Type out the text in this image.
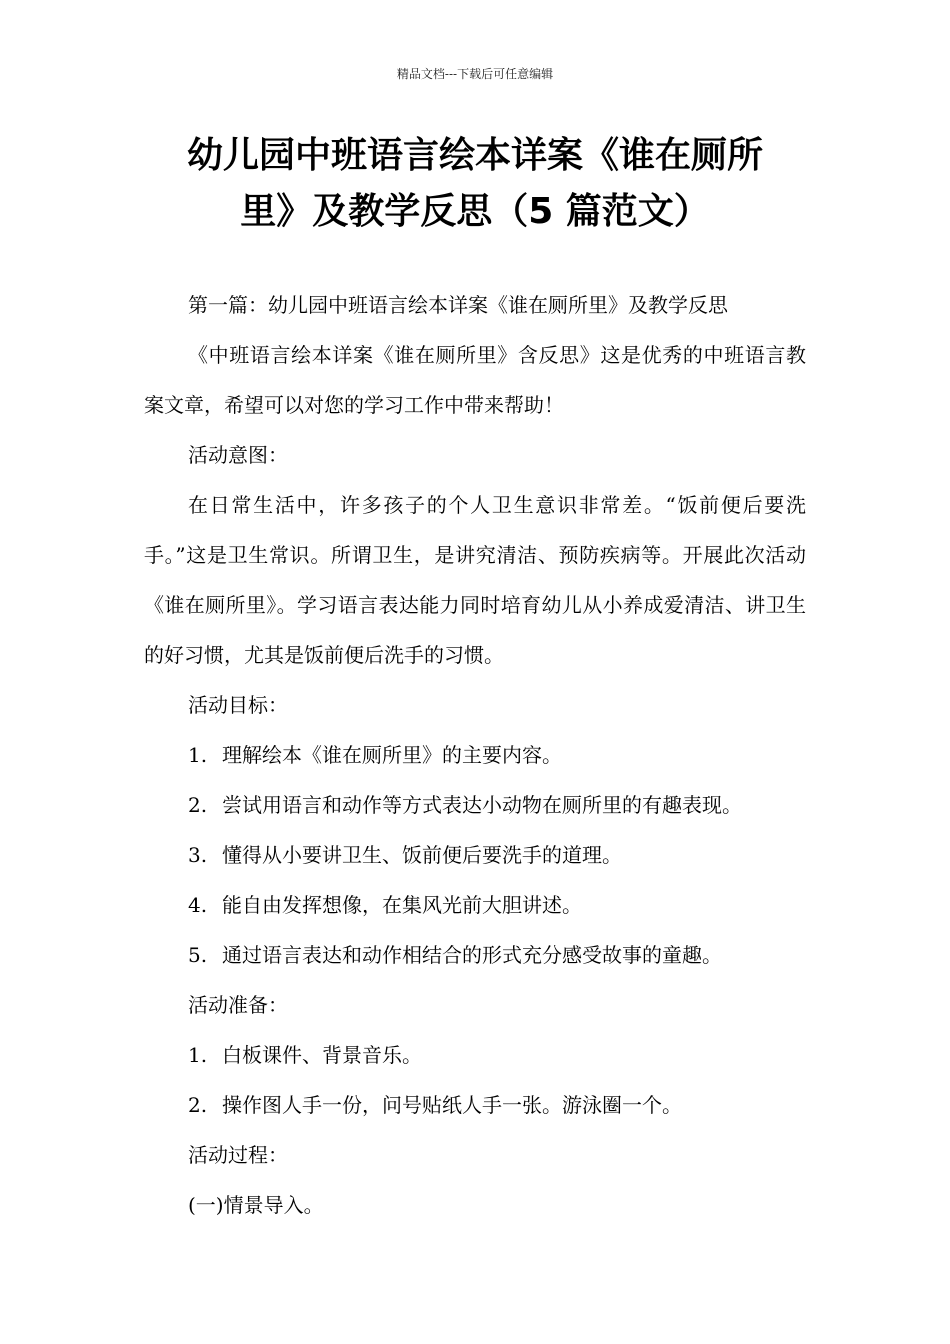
精品文档---下载后可任意编辑
幼儿园中班语言绘本详案《谁在厕所
里》及教学反思（5 篇范文）

第一篇：幼儿园中班语言绘本详案《谁在厕所里》及教学反思

《中班语言绘本详案《谁在厕所里》含反思》这是优秀的中班语言教案文章，希望可以对您的学习工作中带来帮助！

活动意图：

在日常生活中，许多孩子的个人卫生意识非常差。“饭前便后要洗手。”这是卫生常识。所谓卫生，是讲究清洁、预防疾病等。开展此次活动《谁在厕所里》。学习语言表达能力同时培育幼儿从小养成爱清洁、讲卫生的好习惯，尤其是饭前便后洗手的习惯。

活动目标：

1. 理解绘本《谁在厕所里》的主要内容。

2. 尝试用语言和动作等方式表达小动物在厕所里的有趣表现。

3. 懂得从小要讲卫生、饭前便后要洗手的道理。

4. 能自由发挥想像，在集风光前大胆讲述。

5. 通过语言表达和动作相结合的形式充分感受故事的童趣。

活动准备：

1. 白板课件、背景音乐。

2. 操作图人手一份，问号贴纸人手一张。游泳圈一个。

活动过程：

(一)情景导入。
